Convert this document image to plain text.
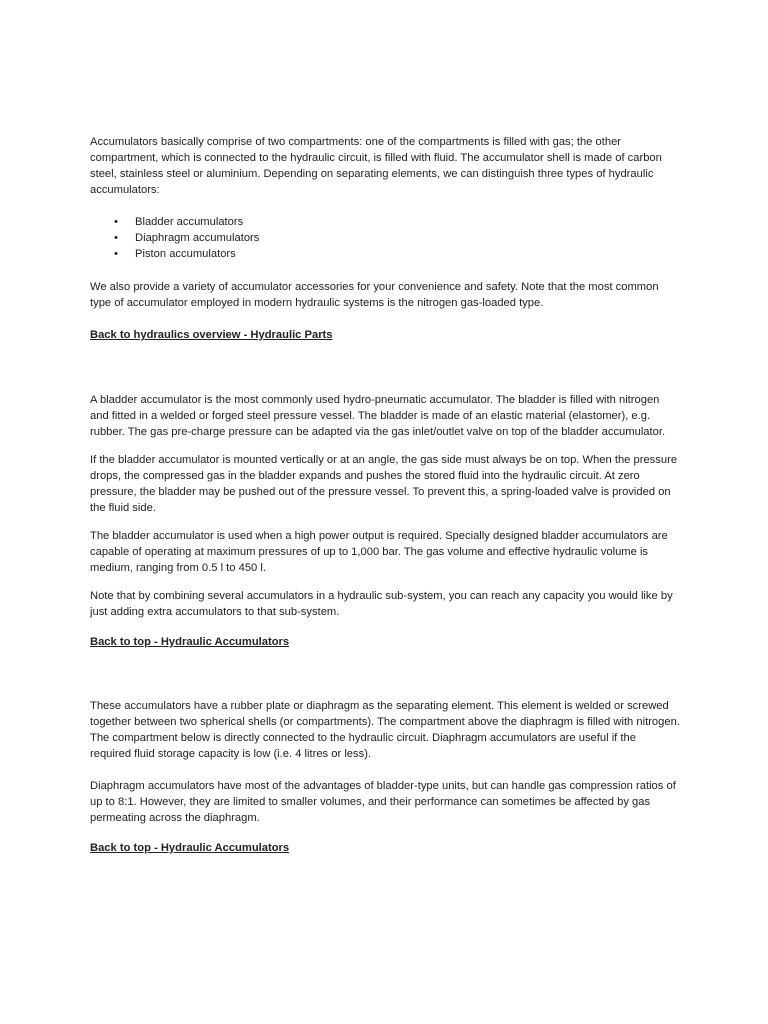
Accumulators basically comprise of two compartments: one of the compartments is filled with gas; the other compartment, which is connected to the hydraulic circuit, is filled with fluid. The accumulator shell is made of carbon steel, stainless steel or aluminium. Depending on separating elements, we can distinguish three types of hydraulic accumulators:

• Bladder accumulators
• Diaphragm accumulators
• Piston accumulators

We also provide a variety of accumulator accessories for your convenience and safety. Note that the most common type of accumulator employed in modern hydraulic systems is the nitrogen gas-loaded type.

Back to hydraulics overview - Hydraulic Parts

A bladder accumulator is the most commonly used hydro-pneumatic accumulator. The bladder is filled with nitrogen and fitted in a welded or forged steel pressure vessel. The bladder is made of an elastic material (elastomer), e.g. rubber. The gas pre-charge pressure can be adapted via the gas inlet/outlet valve on top of the bladder accumulator.

If the bladder accumulator is mounted vertically or at an angle, the gas side must always be on top. When the pressure drops, the compressed gas in the bladder expands and pushes the stored fluid into the hydraulic circuit. At zero pressure, the bladder may be pushed out of the pressure vessel. To prevent this, a spring-loaded valve is provided on the fluid side.

The bladder accumulator is used when a high power output is required. Specially designed bladder accumulators are capable of operating at maximum pressures of up to 1,000 bar. The gas volume and effective hydraulic volume is medium, ranging from 0.5 l to 450 l.

Note that by combining several accumulators in a hydraulic sub-system, you can reach any capacity you would like by just adding extra accumulators to that sub-system.

Back to top - Hydraulic Accumulators

These accumulators have a rubber plate or diaphragm as the separating element. This element is welded or screwed together between two spherical shells (or compartments). The compartment above the diaphragm is filled with nitrogen. The compartment below is directly connected to the hydraulic circuit. Diaphragm accumulators are useful if the required fluid storage capacity is low (i.e. 4 litres or less).

Diaphragm accumulators have most of the advantages of bladder-type units, but can handle gas compression ratios of up to 8:1. However, they are limited to smaller volumes, and their performance can sometimes be affected by gas permeating across the diaphragm.

Back to top - Hydraulic Accumulators
